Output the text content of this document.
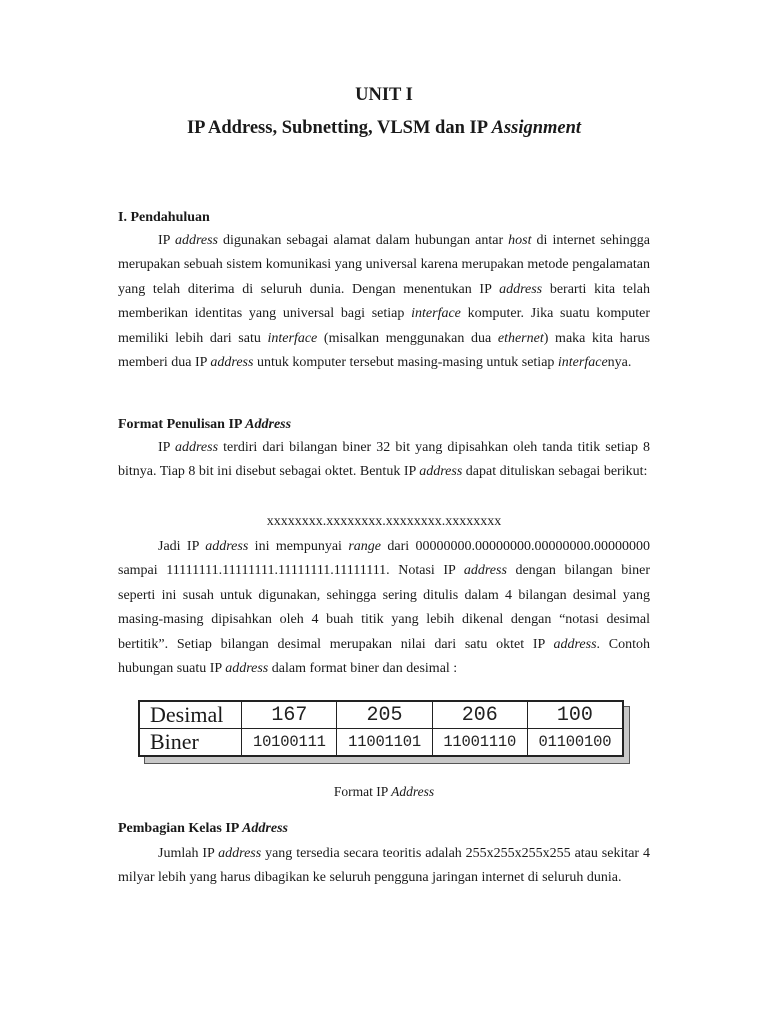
UNIT I
IP Address, Subnetting, VLSM dan IP Assignment
I. Pendahuluan

IP address digunakan sebagai alamat dalam hubungan antar host di internet sehingga merupakan sebuah sistem komunikasi yang universal karena merupakan metode pengalamatan yang telah diterima di seluruh dunia. Dengan menentukan IP address berarti kita telah memberikan identitas yang universal bagi setiap interface komputer. Jika suatu komputer memiliki lebih dari satu interface (misalkan menggunakan dua ethernet) maka kita harus memberi dua IP address untuk komputer tersebut masing-masing untuk setiap interfacenya.

Format Penulisan IP Address

IP address terdiri dari bilangan biner 32 bit yang dipisahkan oleh tanda titik setiap 8 bitnya. Tiap 8 bit ini disebut sebagai oktet. Bentuk IP address dapat dituliskan sebagai berikut:

xxxxxxxx.xxxxxxxx.xxxxxxxx.xxxxxxxx

Jadi IP address ini mempunyai range dari 00000000.00000000.00000000.00000000 sampai 11111111.11111111.11111111.11111111. Notasi IP address dengan bilangan biner seperti ini susah untuk digunakan, sehingga sering ditulis dalam 4 bilangan desimal yang masing-masing dipisahkan oleh 4 buah titik yang lebih dikenal dengan “notasi desimal bertitik”. Setiap bilangan desimal merupakan nilai dari satu oktet IP address. Contoh hubungan suatu IP address dalam format biner dan desimal :

Desimal	167	205	206	100
Biner	10100111	11001101	11001110	01100100
Format IP Address
Pembagian Kelas IP Address

Jumlah IP address yang tersedia secara teoritis adalah 255x255x255x255 atau sekitar 4 milyar lebih yang harus dibagikan ke seluruh pengguna jaringan internet di seluruh dunia.
